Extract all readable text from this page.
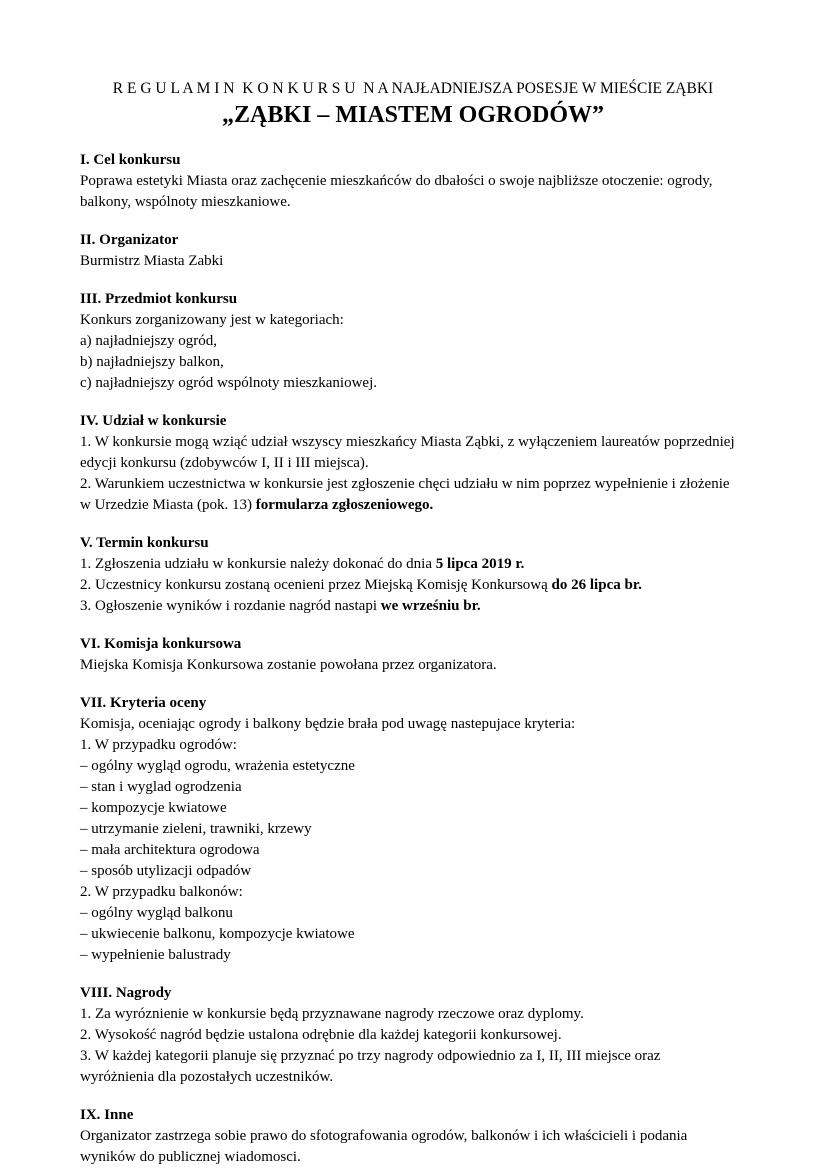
R E G U L A M I N  K O N K U R S U  N A NAJŁADNIEJSZA POSESJE W MIEŚCIE ZĄBKI

„ZĄBKI – MIASTEM OGRODÓW”

I. Cel konkursu

Poprawa estetyki Miasta oraz zachęcenie mieszkańców do dbałości o swoje najbliższe otoczenie: ogrody, balkony, wspólnoty mieszkaniowe.

II. Organizator

Burmistrz Miasta Zabki

III. Przedmiot konkursu

Konkurs zorganizowany jest w kategoriach:

a) najładniejszy ogród,

b) najładniejszy balkon,

c) najładniejszy ogród wspólnoty mieszkaniowej.

IV. Udział w konkursie

1. W konkursie mogą wziąć udział wszyscy mieszkańcy Miasta Ząbki, z wyłączeniem laureatów poprzedniej edycji konkursu (zdobywców I, II i III miejsca).

2. Warunkiem uczestnictwa w konkursie jest zgłoszenie chęci udziału w nim poprzez wypełnienie i złożenie w Urzedzie Miasta (pok. 13) formularza zgłoszeniowego.

V. Termin konkursu

1. Zgłoszenia udziału w konkursie należy dokonać do dnia 5 lipca 2019 r.

2. Uczestnicy konkursu zostaną ocenieni przez Miejską Komisję Konkursową do 26 lipca br.

3. Ogłoszenie wyników i rozdanie nagród nastapi we wrześniu br.

VI. Komisja konkursowa

Miejska Komisja Konkursowa zostanie powołana przez organizatora.

VII. Kryteria oceny

Komisja, oceniając ogrody i balkony będzie brała pod uwagę nastepujace kryteria:

1. W przypadku ogrodów:

– ogólny wygląd ogrodu, wrażenia estetyczne

– stan i wyglad ogrodzenia

– kompozycje kwiatowe

– utrzymanie zieleni, trawniki, krzewy

– mała architektura ogrodowa

– sposób utylizacji odpadów

2. W przypadku balkonów:

– ogólny wygląd balkonu

– ukwiecenie balkonu, kompozycje kwiatowe

– wypełnienie balustrady

VIII. Nagrody

1. Za wyróznienie w konkursie będą przyznawane nagrody rzeczowe oraz dyplomy.

2. Wysokość nagród będzie ustalona odrębnie dla każdej kategorii konkursowej.

3. W każdej kategorii planuje się przyznać po trzy nagrody odpowiednio za I, II, III miejsce oraz wyróżnienia dla pozostałych uczestników.

IX. Inne

Organizator zastrzega sobie prawo do sfotografowania ogrodów, balkonów i ich właścicieli i podania wyników do publicznej wiadomosci.
